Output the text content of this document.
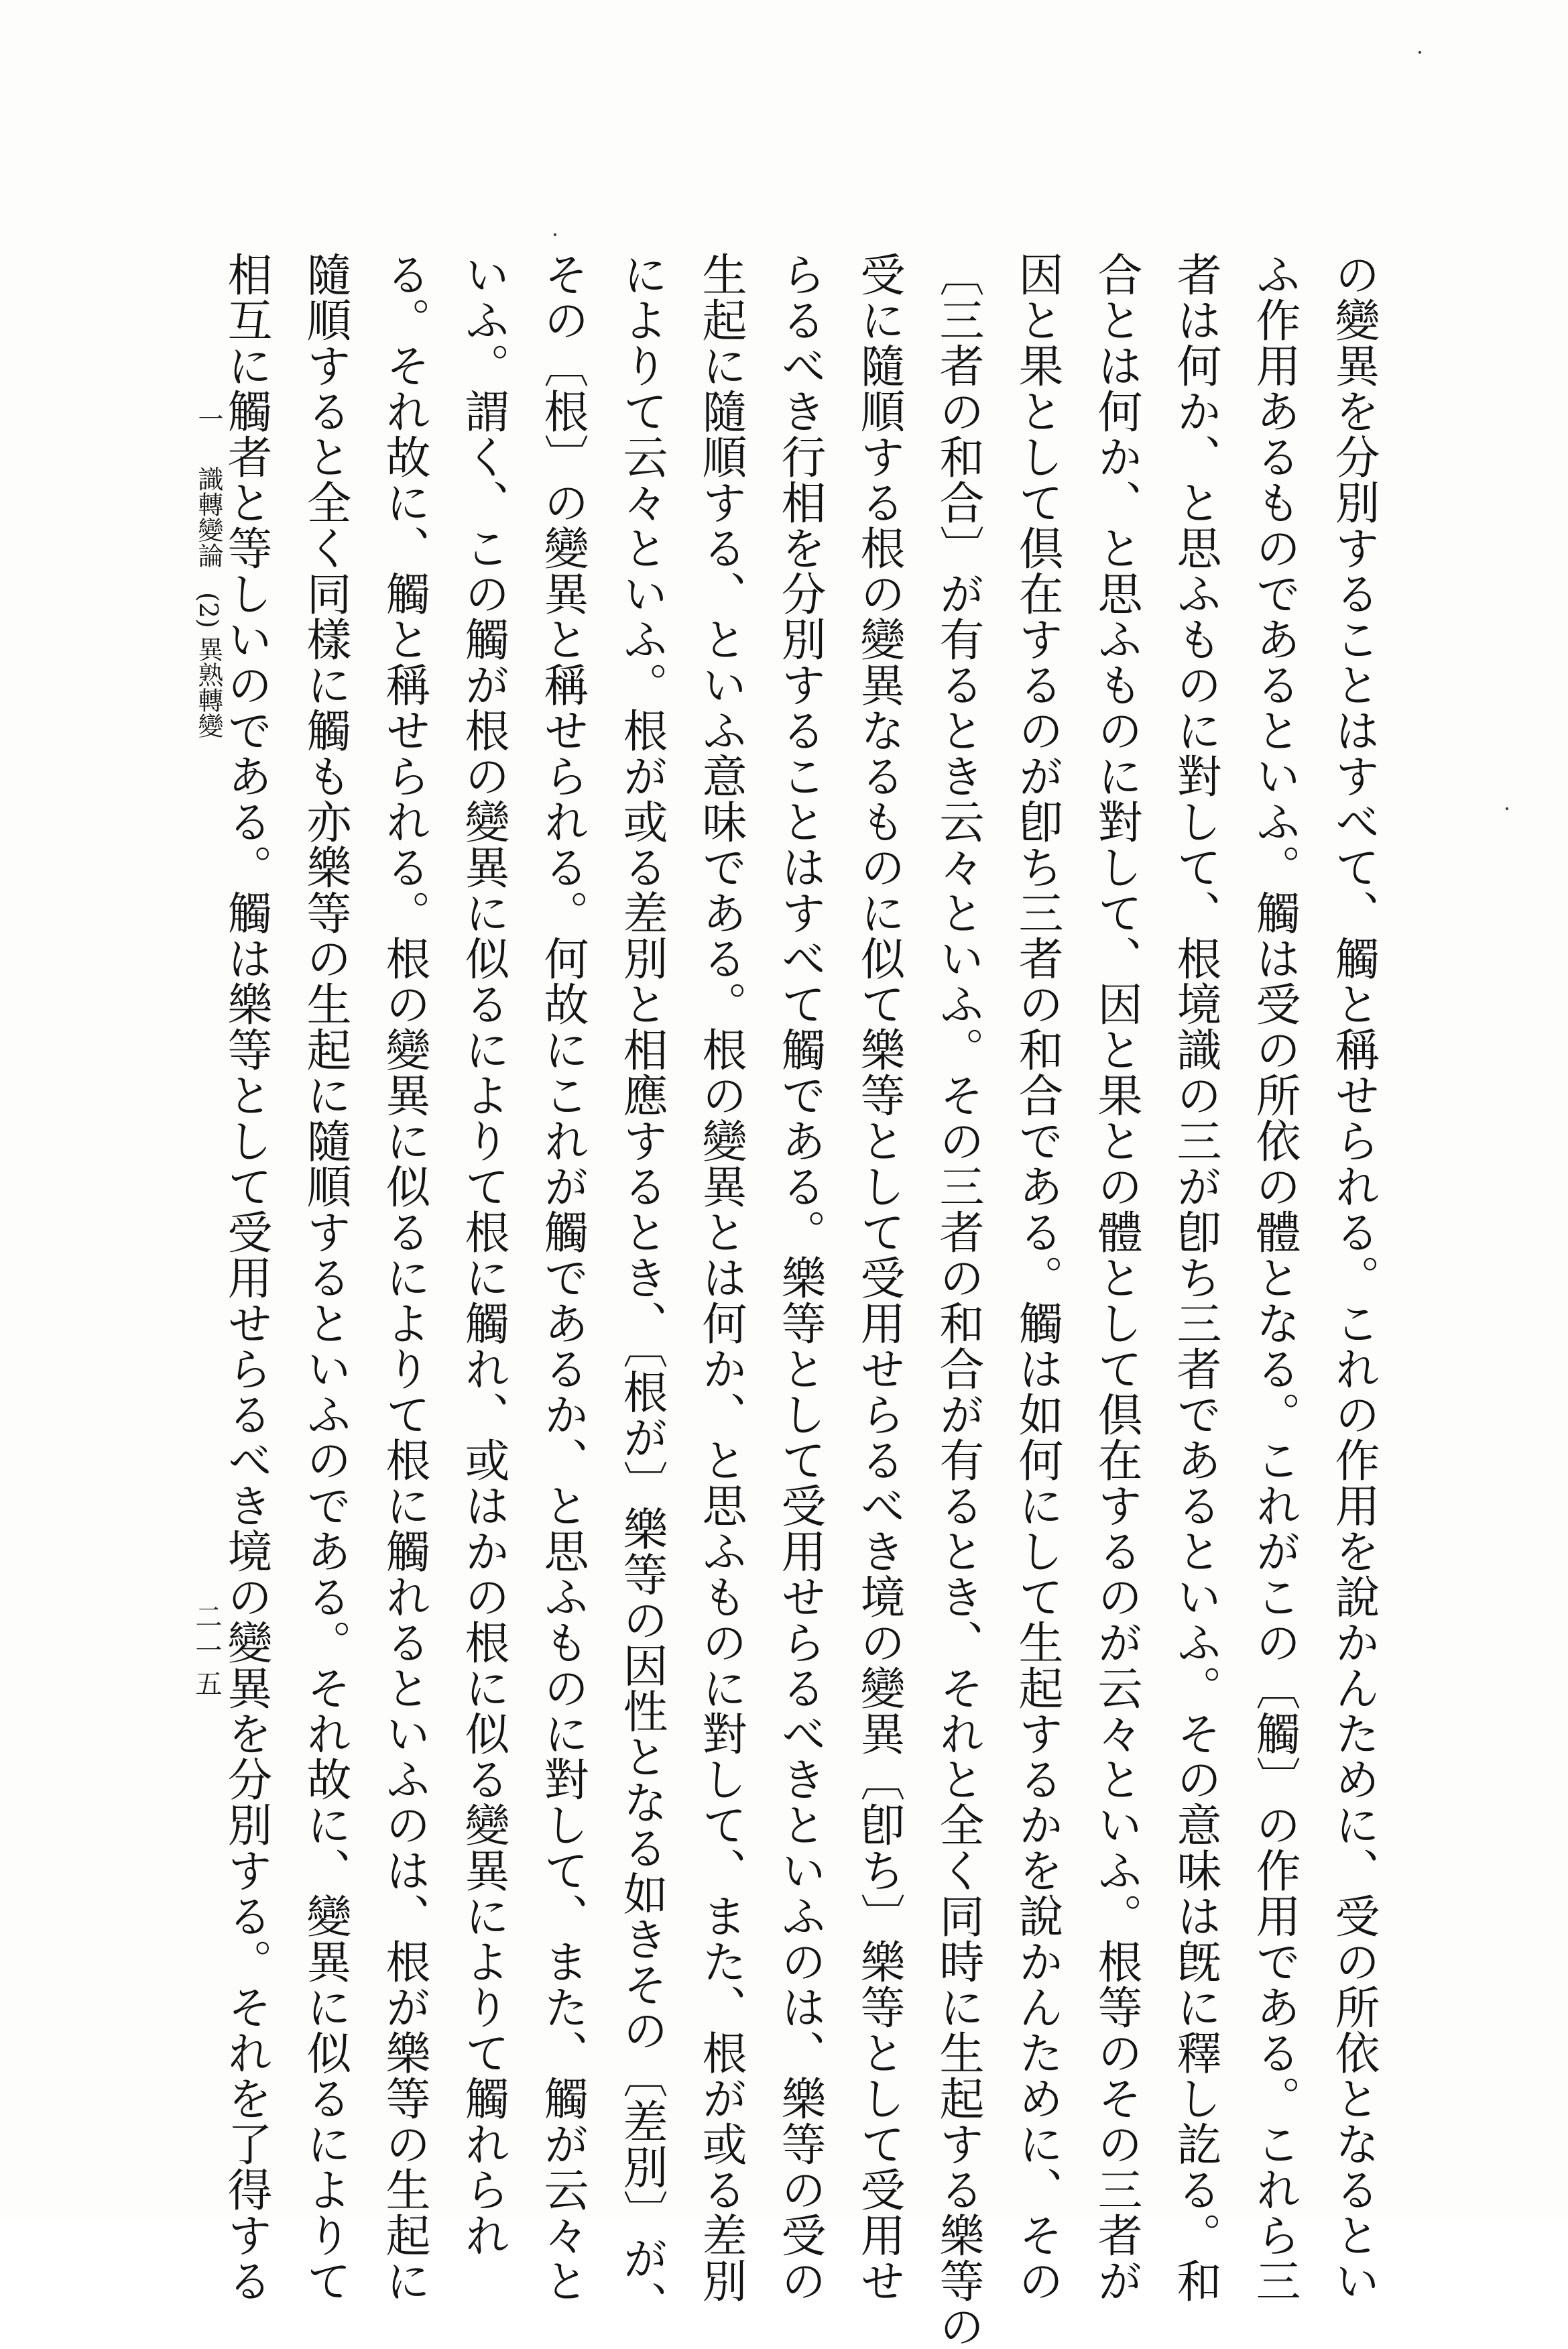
の變異を分別することはすべて、觸と稱せられる。これの作用を說かんために、受の所依となるとい
ふ作用あるものであるといふ。觸は受の所依の體となる。これがこの〔觸〕の作用である。これら三
者は何か、と思ふものに對して、根境識の三が卽ち三者であるといふ。その意味は旣に釋し訖る。和
合とは何か、と思ふものに對して、因と果との體として倶在するのが云々といふ。根等のその三者が
因と果として倶在するのが卽ち三者の和合である。觸は如何にして生起するかを說かんために、その
〔三者の和合〕が有るとき云々といふ。その三者の和合が有るとき、それと全く同時に生起する樂等の
受に隨順する根の變異なるものに似て樂等として受用せらるべき境の變異〔卽ち〕樂等として受用せ
らるべき行相を分別することはすべて觸である。樂等として受用せらるべきといふのは、樂等の受の
生起に隨順する、といふ意味である。根の變異とは何か、と思ふものに對して、また、根が或る差別
によりて云々といふ。根が或る差別と相應するとき、〔根が〕樂等の因性となる如きその〔差別〕が、
その〔根〕の變異と稱せられる。何故にこれが觸であるか、と思ふものに對して、また、觸が云々と
いふ。謂く、この觸が根の變異に似るによりて根に觸れ、或はかの根に似る變異によりて觸れられ
る。それ故に、觸と稱せられる。根の變異に似るによりて根に觸れるといふのは、根が樂等の生起に
隨順すると全く同樣に觸も亦樂等の生起に隨順するといふのである。それ故に、變異に似るによりて
相互に觸者と等しいのである。觸は樂等として受用せらるべき境の變異を分別する。それを了得する
一 識轉變論 (2) 異熟轉變
二一五
